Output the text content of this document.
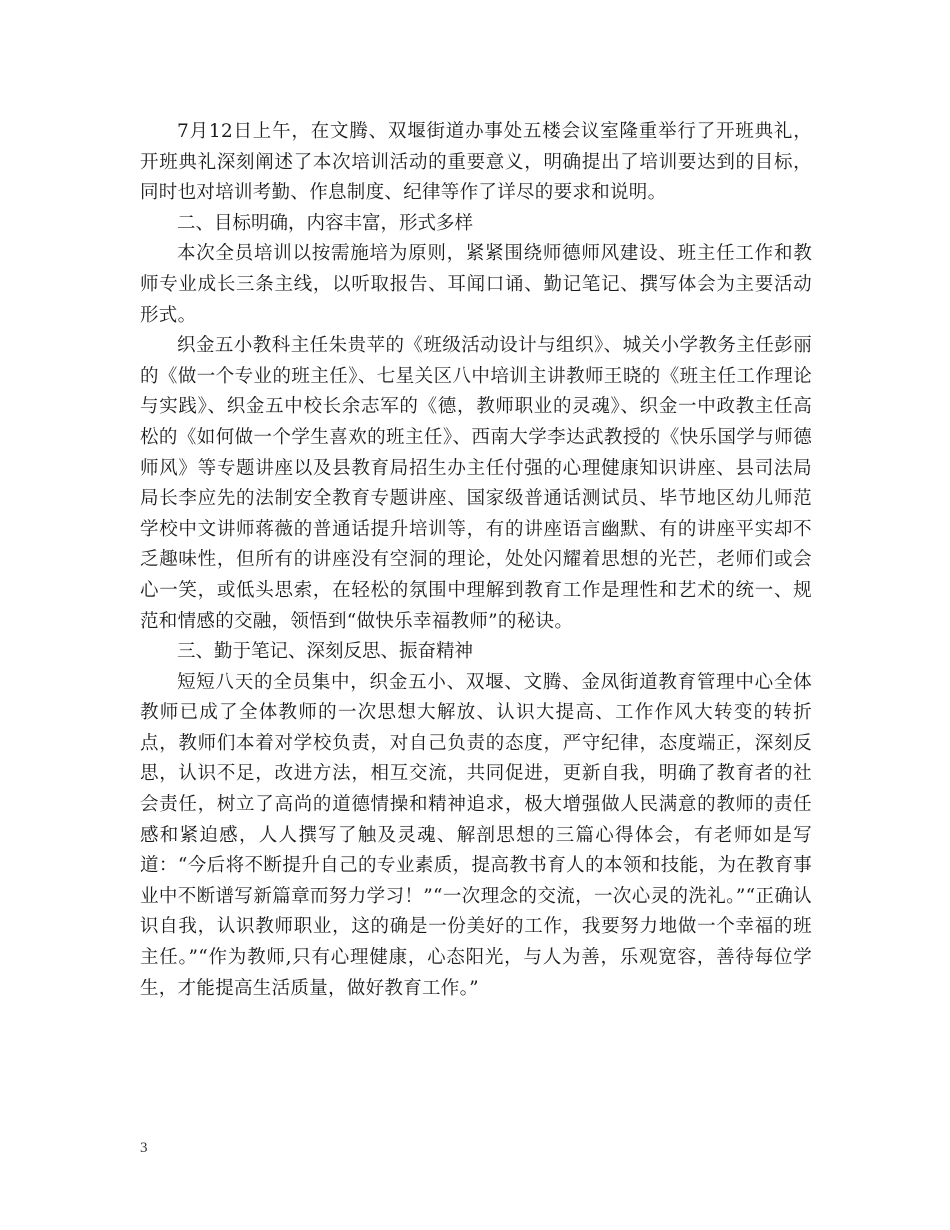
7月12日上午，在文腾、双堰街道办事处五楼会议室隆重举行了开班典礼，开班典礼深刻阐述了本次培训活动的重要意义，明确提出了培训要达到的目标，同时也对培训考勤、作息制度、纪律等作了详尽的要求和说明。

二、目标明确，内容丰富，形式多样

本次全员培训以按需施培为原则，紧紧围绕师德师风建设、班主任工作和教师专业成长三条主线，以听取报告、耳闻口诵、勤记笔记、撰写体会为主要活动形式。

织金五小教科主任朱贵苹的《班级活动设计与组织》、城关小学教务主任彭丽的《做一个专业的班主任》、七星关区八中培训主讲教师王晓的《班主任工作理论与实践》、织金五中校长余志军的《德，教师职业的灵魂》、织金一中政教主任高松的《如何做一个学生喜欢的班主任》、西南大学李达武教授的《快乐国学与师德师风》等专题讲座以及县教育局招生办主任付强的心理健康知识讲座、县司法局局长李应先的法制安全教育专题讲座、国家级普通话测试员、毕节地区幼儿师范学校中文讲师蒋薇的普通话提升培训等，有的讲座语言幽默、有的讲座平实却不乏趣味性，但所有的讲座没有空洞的理论，处处闪耀着思想的光芒，老师们或会心一笑，或低头思索，在轻松的氛围中理解到教育工作是理性和艺术的统一、规范和情感的交融，领悟到“做快乐幸福教师”的秘诀。

三、勤于笔记、深刻反思、振奋精神

短短八天的全员集中，织金五小、双堰、文腾、金凤街道教育管理中心全体教师已成了全体教师的一次思想大解放、认识大提高、工作作风大转变的转折点，教师们本着对学校负责，对自己负责的态度，严守纪律，态度端正，深刻反思，认识不足，改进方法，相互交流，共同促进，更新自我，明确了教育者的社会责任，树立了高尚的道德情操和精神追求，极大增强做人民满意的教师的责任感和紧迫感，人人撰写了触及灵魂、解剖思想的三篇心得体会，有老师如是写道：“今后将不断提升自己的专业素质，提高教书育人的本领和技能，为在教育事业中不断谱写新篇章而努力学习！”“一次理念的交流，一次心灵的洗礼。”“正确认识自我，认识教师职业，这的确是一份美好的工作，我要努力地做一个幸福的班主任。”“作为教师,只有心理健康，心态阳光，与人为善，乐观宽容，善待每位学生，才能提高生活质量，做好教育工作。”

3
